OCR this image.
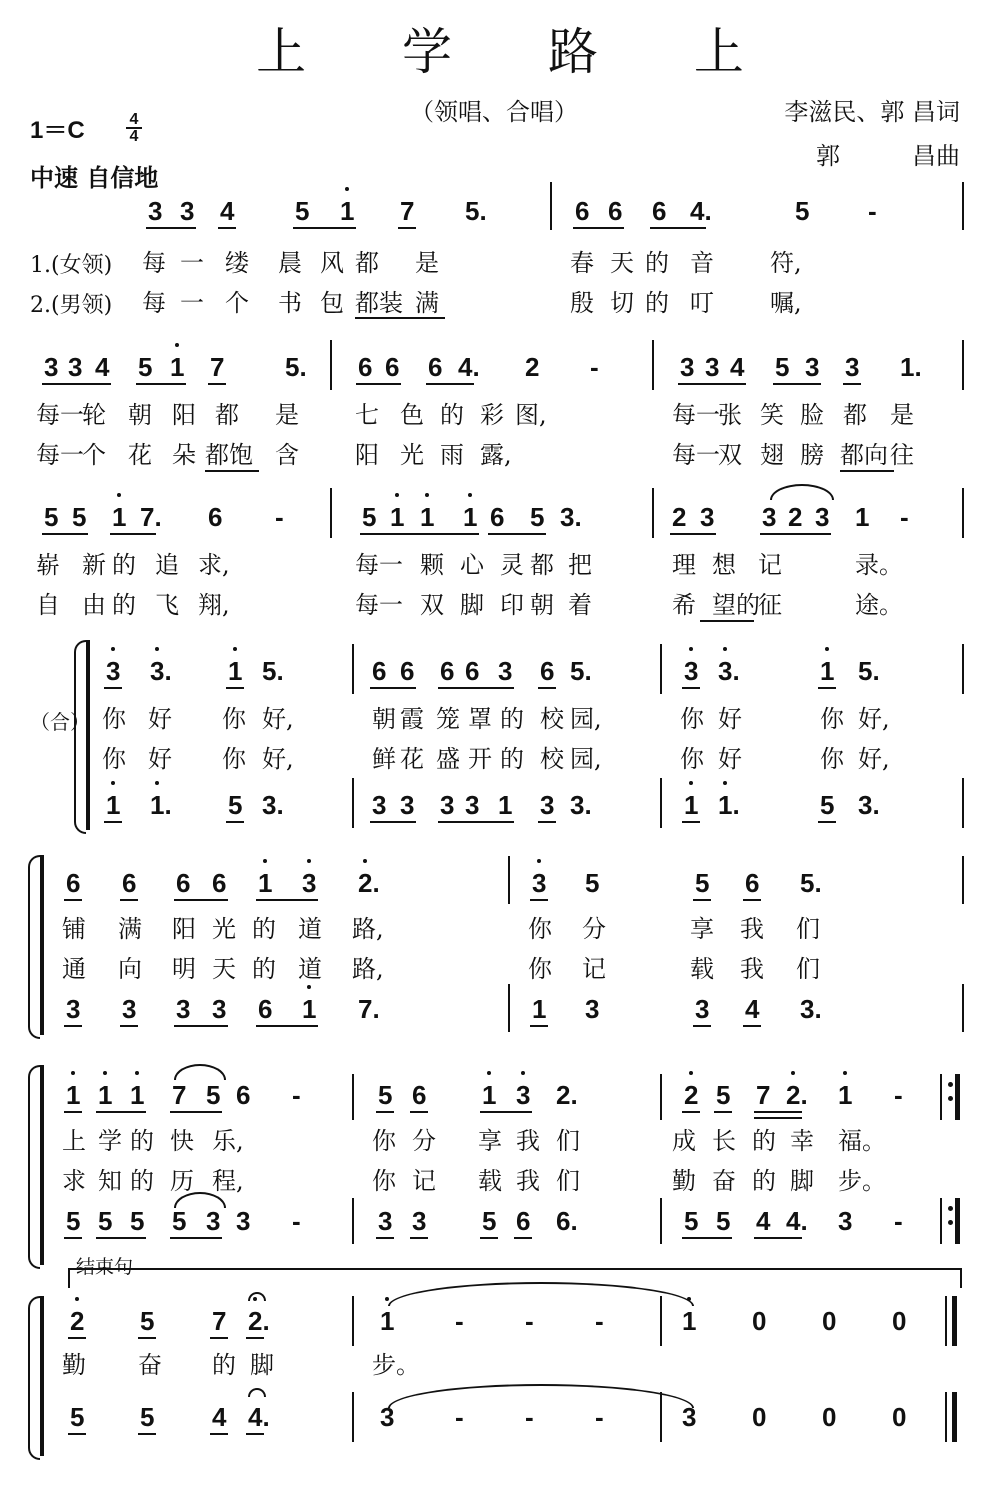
上 学 路 上
1＝C	4
4
（领唱、合唱）	李滋民、郭 昌词
郭　　　昌曲
中速 自信地
3 3 4 5 1 7 5.	6 6 6 4.	5 -
1.(女领)
2.(男领)
每 一 缕 晨 风 都 是	春 天 的 音 符,
每 一 个 书 包 都装 满	殷 切 的 叮 嘱,
3 3 4 5 1 7 5. 6 6 6 4. 2 -	3 3 4 5 3 3 1.
每一
轮 朝 阳 都 是 七 色 的 彩 图,	每一
张 笑 脸 都 是
每一
个 花 朵 都饱 含 阳 光 雨 露,	每一
双 翅 膀 都向 往
5 5 1 7. 6 -	5 1 1 1 6 5 3.	2 3 3 2 3 1 -
崭 新 的 追 求,	每一 颗 心 灵 都 把	理 想 记	录。
自 由 的 飞 翔,	每一 双 脚 印 朝 着	希 望的
征	途。
3 3. 1 5.	6 6 6 6 3 6 5.	3 3.	1 5.
你 好 你 好,	朝 霞 笼 罩 的 校 园,	你 好	你 好,
你 好 你 好,	鲜 花 盛 开 的 校 园,	你 好	你 好,
1 1. 5 3.	3 3 3 3 1 3 3.	1 1.	5 3.
6 6 6 6 1 3 2.	3 5	5 6 5.
铺 满 阳 光 的 道 路,	你 分	享 我 们
通 向 明 天 的 道 路,	你 记	载 我 们
3 3 3 3 6 1 7.	1 3	3 4 3.
1 1 1 7 5 6 -	5 6 1 3 2.	2 5 7 2. 1 -
上 学 的 快 乐,	你 分 享 我 们	成 长 的 幸 福。
求 知 的 历 程,	你 记 载 我 们	勤 奋 的 脚 步。
5 5 5 5 3 3 -	3 3 5 6 6.	5 5 4 4. 3 -
2 5 7 2.	1 - - -	1 0 0 0
勤 奋 的 脚	步。
5 5 4 4.	3 - - -	3 0 0 0
（合）
结束句
